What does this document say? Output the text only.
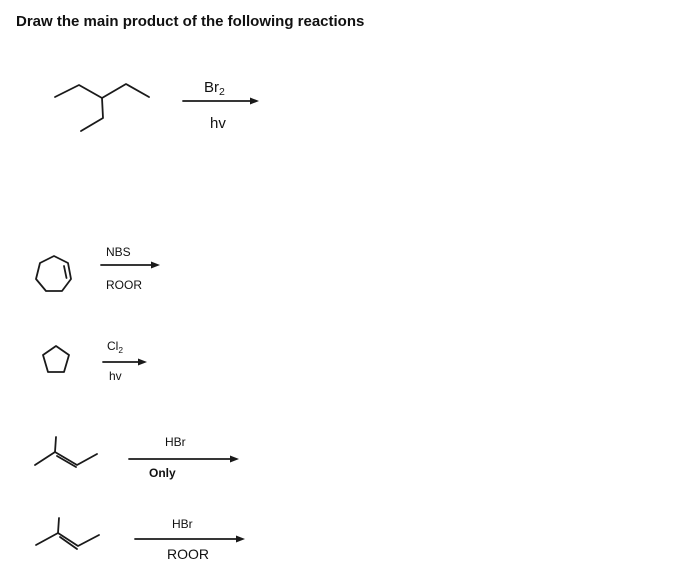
Draw the main product of the following reactions
$Br_2$
hv
NBS
ROOR
$Cl_2$
hv
HBr
Only
HBr
ROOR
